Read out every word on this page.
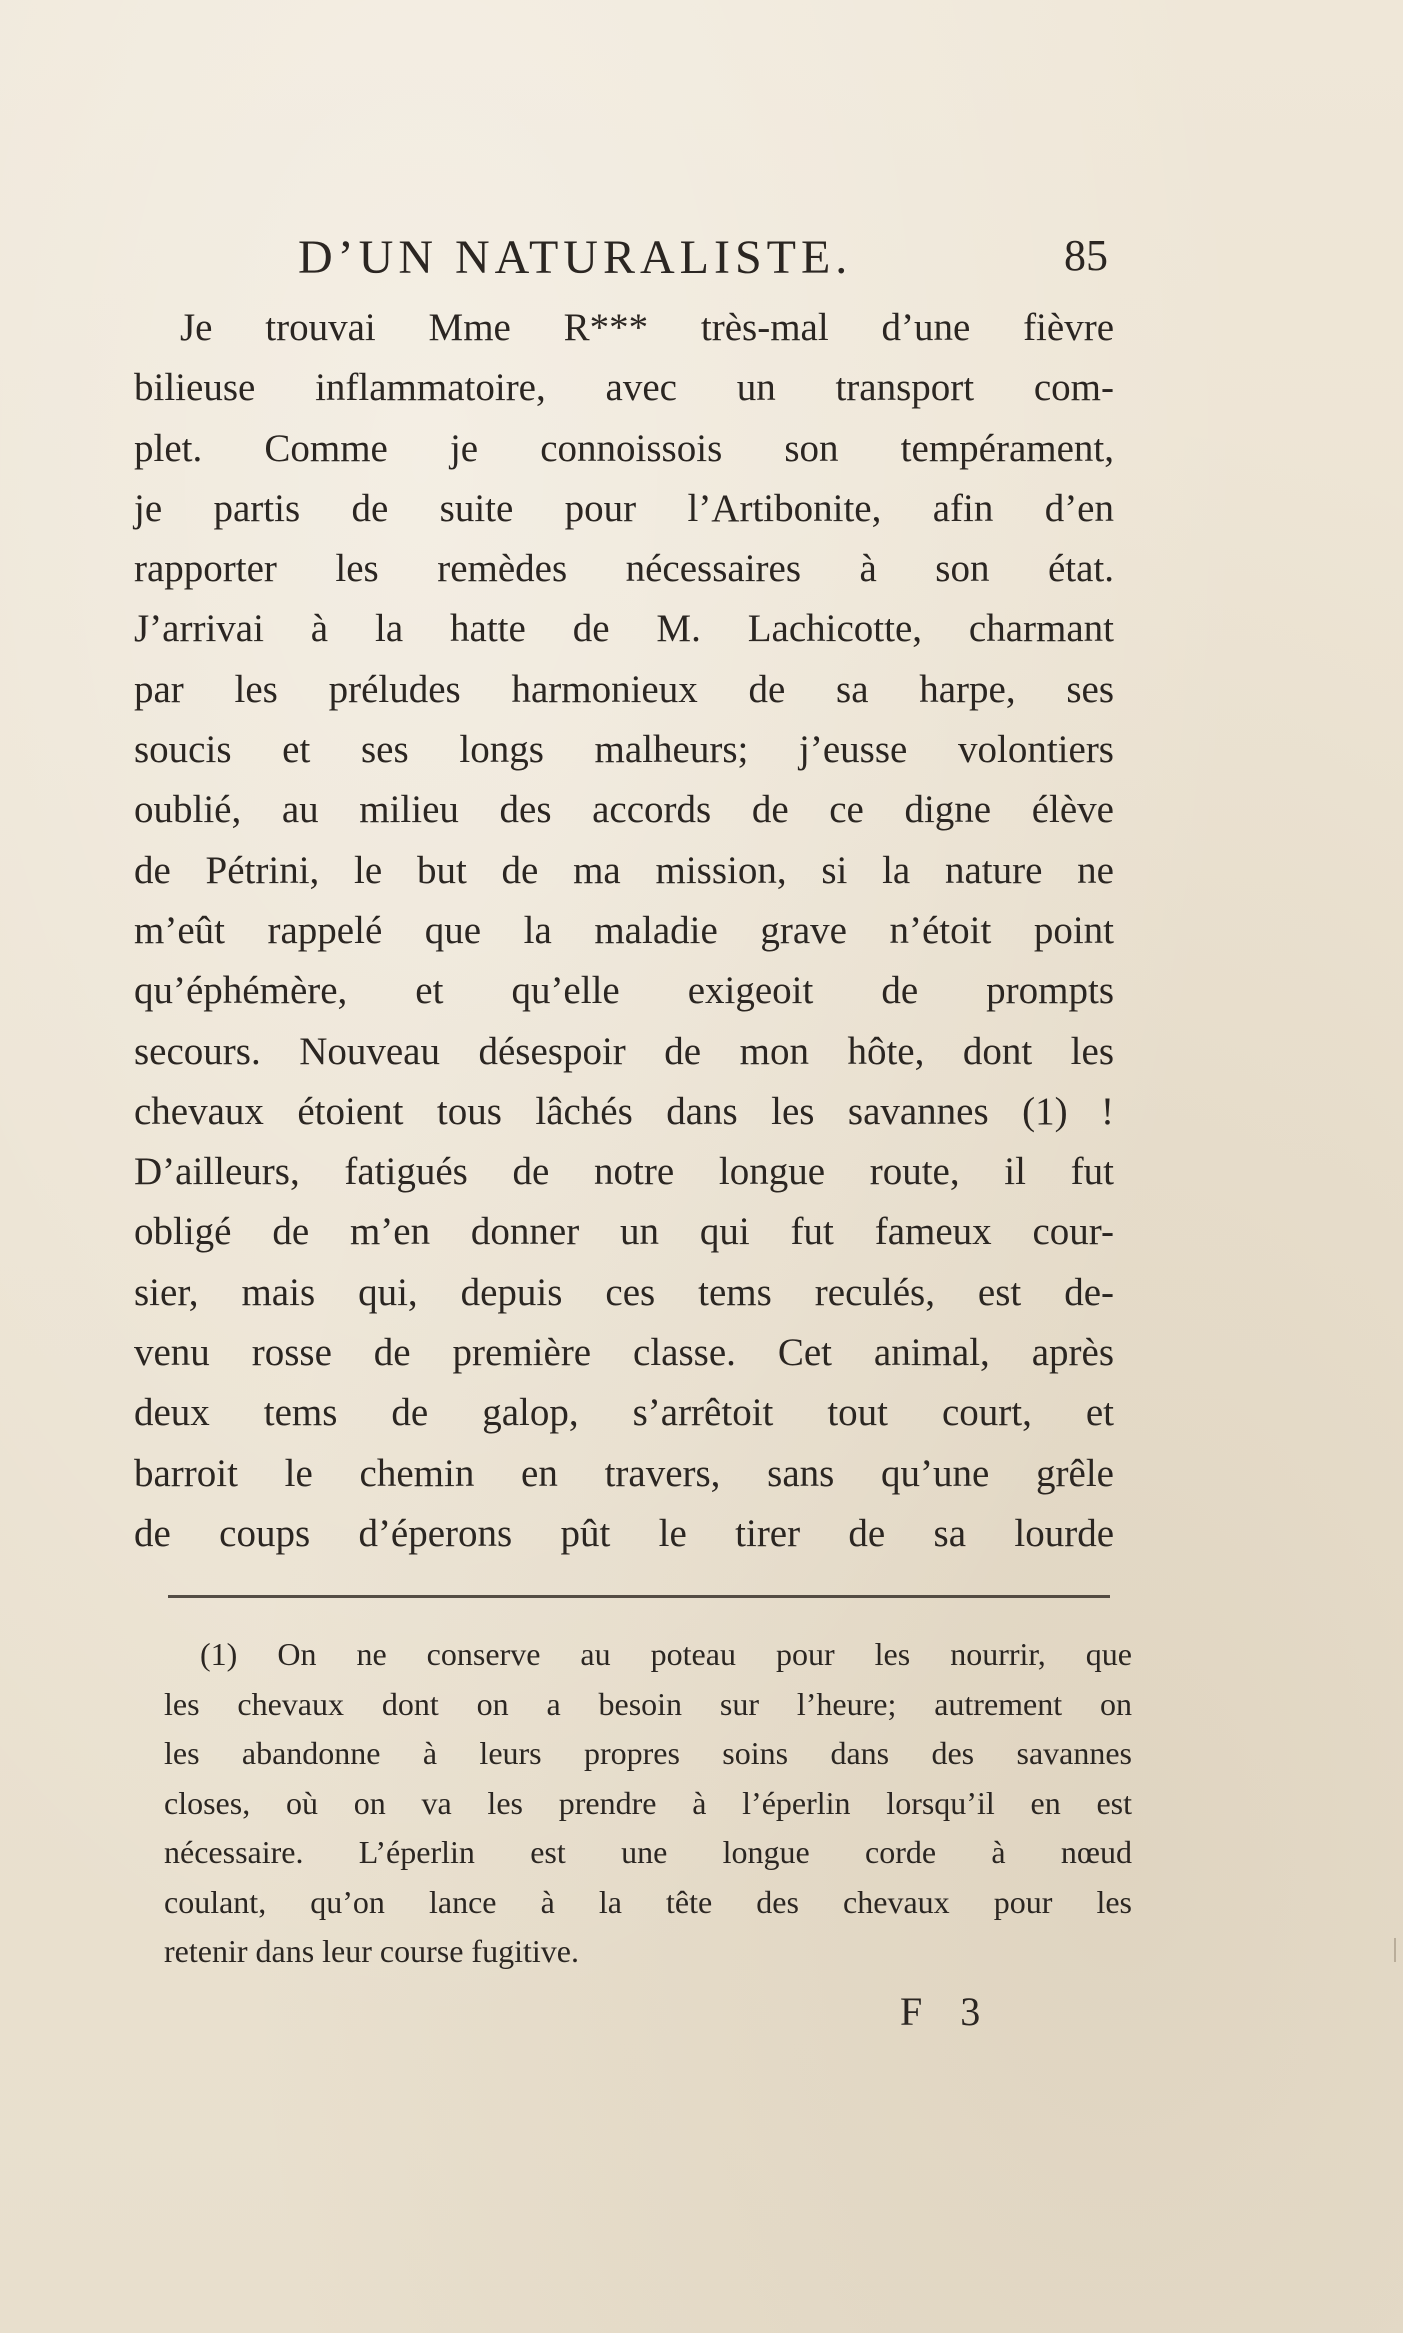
D’UN NATURALISTE.	85
Je trouvai Mme R*** très-mal d’une fièvre
bilieuse inflammatoire, avec un transport com-
plet. Comme je connoissois son tempérament,
je partis de suite pour l’Artibonite, afin d’en
rapporter les remèdes nécessaires à son état.
J’arrivai à la hatte de M. Lachicotte, charmant
par les préludes harmonieux de sa harpe, ses
soucis et ses longs malheurs; j’eusse volontiers
oublié, au milieu des accords de ce digne élève
de Pétrini, le but de ma mission, si la nature ne
m’eût rappelé que la maladie grave n’étoit point
qu’éphémère, et qu’elle exigeoit de prompts
secours. Nouveau désespoir de mon hôte, dont les
chevaux étoient tous lâchés dans les savannes (1) !
D’ailleurs, fatigués de notre longue route, il fut
obligé de m’en donner un qui fut fameux cour-
sier, mais qui, depuis ces tems reculés, est de-
venu rosse de première classe. Cet animal, après
deux tems de galop, s’arrêtoit tout court, et
barroit le chemin en travers, sans qu’une grêle
de coups d’éperons pût le tirer de sa lourde
(1) On ne conserve au poteau pour les nourrir, que
les chevaux dont on a besoin sur l’heure; autrement on
les abandonne à leurs propres soins dans des savannes
closes, où on va les prendre à l’éperlin lorsqu’il en est
nécessaire. L’éperlin est une longue corde à nœud
coulant, qu’on lance à la tête des chevaux pour les
retenir dans leur course fugitive.
F 3
